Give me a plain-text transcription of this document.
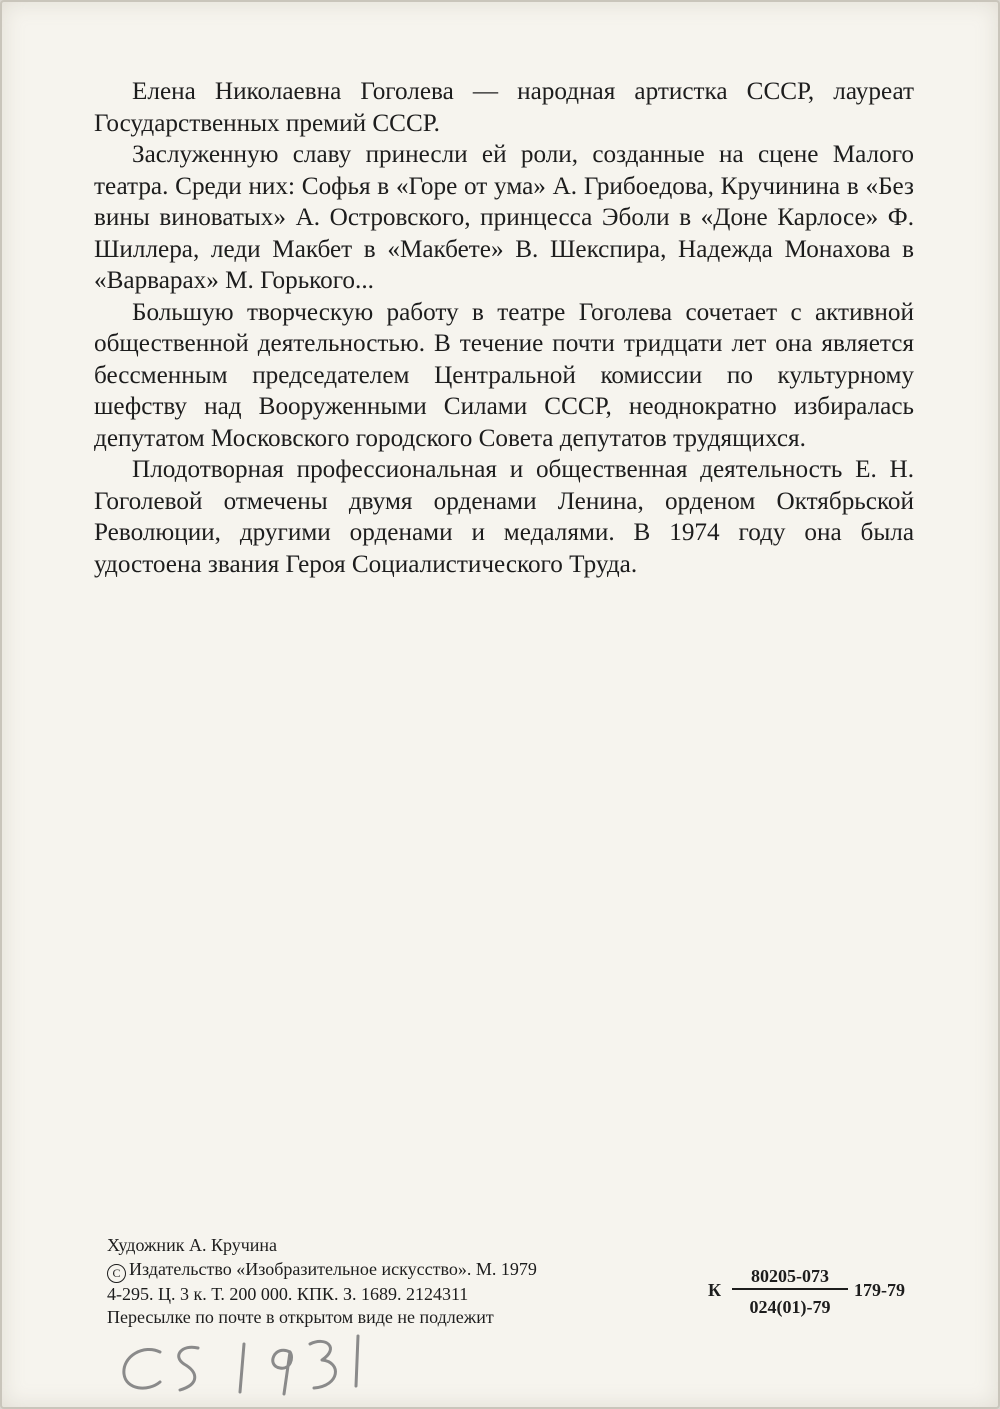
Елена Николаевна Гоголева — народная артистка СССР, лауреат Государственных премий СССР.

Заслуженную славу принесли ей роли, созданные на сцене Малого театра. Среди них: Софья в «Горе от ума» А. Грибоедова, Кручинина в «Без вины виноватых» А. Островского, принцесса Эболи в «Доне Карлосе» Ф. Шиллера, леди Макбет в «Макбете» В. Шекспира, Надежда Монахова в «Варварах» М. Горького...

Большую творческую работу в театре Гоголева сочетает с активной общественной деятельностью. В течение почти тридцати лет она является бессменным председателем Центральной комиссии по культурному шефству над Вооруженными Силами СССР, неоднократно избиралась депутатом Московского городского Совета депутатов трудящихся.

Плодотворная профессиональная и общественная деятельность Е. Н. Гоголевой отмечены двумя орденами Ленина, орденом Октябрьской Революции, другими орденами и медалями. В 1974 году она была удостоена звания Героя Социалистического Труда.

Художник А. Кручина
C Издательство «Изобразительное искусство». М. 1979
4-295. Ц. 3 к. Т. 200 000. КПК. З. 1689. 2124311
Пересылке по почте в открытом виде не подлежит
К
80205-073
024(01)-79
179-79
